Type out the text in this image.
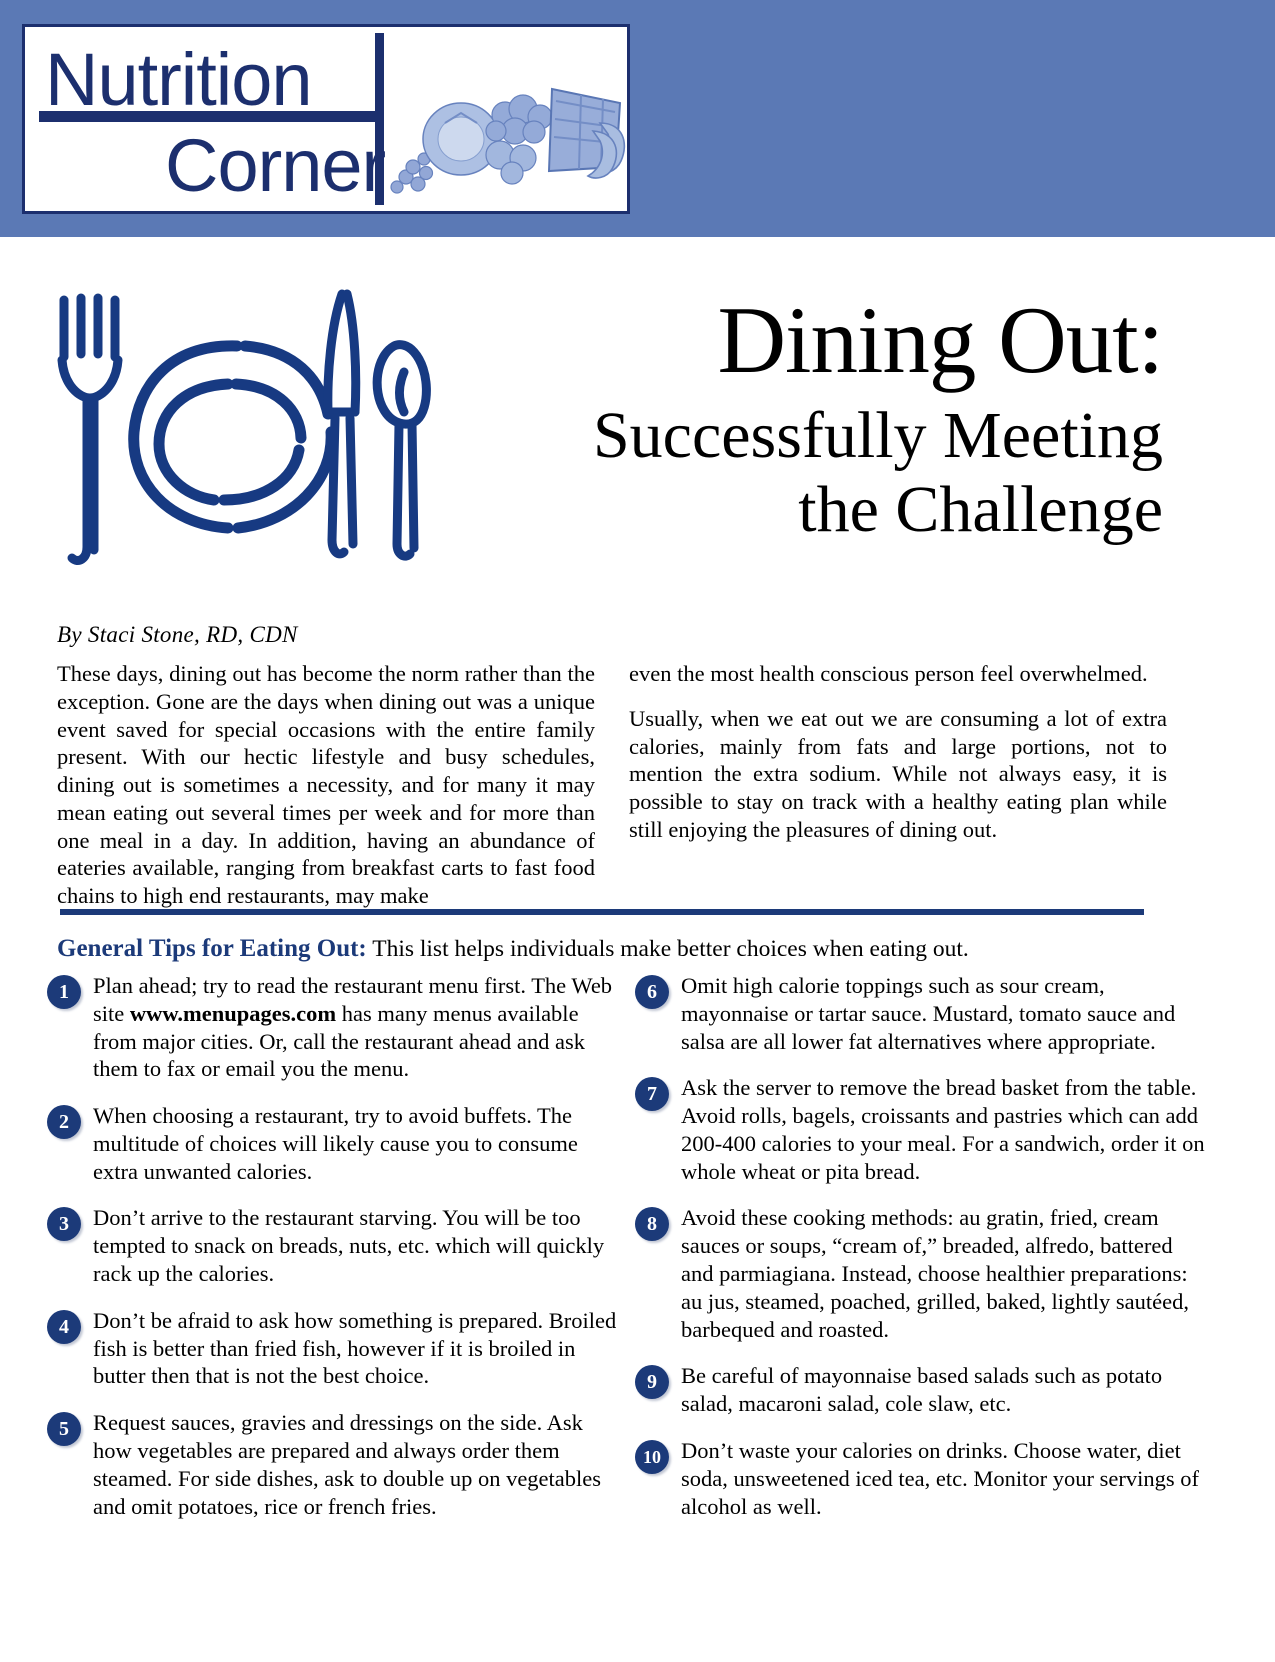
Nutrition
Corner
Dining Out:
Successfully Meeting
the Challenge
By Staci Stone, RD, CDN

These days, dining out has become the norm rather than the exception. Gone are the days when dining out was a unique event saved for special occasions with the entire family present. With our hectic lifestyle and busy schedules, dining out is sometimes a necessity, and for many it may mean eating out several times per week and for more than one meal in a day. In addition, having an abundance of eateries available, ranging from breakfast carts to fast food chains to high end restaurants, may make

even the most health conscious person feel overwhelmed.

Usually, when we eat out we are consuming a lot of extra calories, mainly from fats and large portions, not to mention the extra sodium. While not always easy, it is possible to stay on track with a healthy eating plan while still enjoying the pleasures of dining out.

General Tips for Eating Out: This list helps individuals make better choices when eating out.
1	Plan ahead; try to read the restaurant menu first. The Web site www.menupages.com has many menus available from major cities. Or, call the restaurant ahead and ask them to fax or email you the menu.
2	When choosing a restaurant, try to avoid buffets. The multitude of choices will likely cause you to consume extra unwanted calories.
3	Don’t arrive to the restaurant starving. You will be too tempted to snack on breads, nuts, etc. which will quickly rack up the calories.
4	Don’t be afraid to ask how something is prepared. Broiled fish is better than fried fish, however if it is broiled in butter then that is not the best choice.
5	Request sauces, gravies and dressings on the side. Ask how vegetables are prepared and always order them steamed. For side dishes, ask to double up on vegetables and omit potatoes, rice or french fries.
6	Omit high calorie toppings such as sour cream, mayonnaise or tartar sauce. Mustard, tomato sauce and salsa are all lower fat alternatives where appropriate.
7	Ask the server to remove the bread basket from the table. Avoid rolls, bagels, croissants and pastries which can add 200-400 calories to your meal. For a sandwich, order it on whole wheat or pita bread.
8	Avoid these cooking methods: au gratin, fried, cream sauces or soups, “cream of,” breaded, alfredo, battered and parmiagiana. Instead, choose healthier preparations: au jus, steamed, poached, grilled, baked, lightly sautéed, barbequed and roasted.
9	Be careful of mayonnaise based salads such as potato salad, macaroni salad, cole slaw, etc.
10 Don’t waste your calories on drinks. Choose water, diet soda, unsweetened iced tea, etc. Monitor your servings of alcohol as well.
